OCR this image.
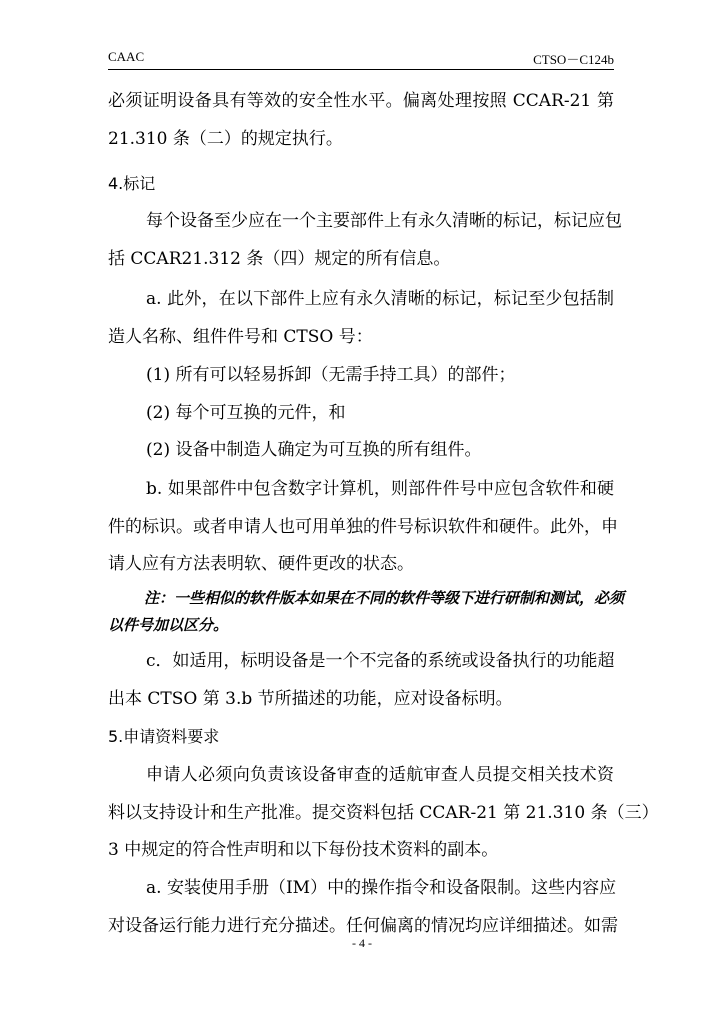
CAAC	CTSO－C124b
必须证明设备具有等效的安全性水平。偏离处理按照 CCAR-21 第
21.310 条（二）的规定执行。
4.标记
每个设备至少应在一个主要部件上有永久清晰的标记，标记应包
括 CCAR21.312 条（四）规定的所有信息。
a. 此外，在以下部件上应有永久清晰的标记，标记至少包括制
造人名称、组件件号和 CTSO 号：
(1) 所有可以轻易拆卸（无需手持工具）的部件；
(2) 每个可互换的元件，和
(2) 设备中制造人确定为可互换的所有组件。
b. 如果部件中包含数字计算机，则部件件号中应包含软件和硬
件的标识。或者申请人也可用单独的件号标识软件和硬件。此外，申
请人应有方法表明软、硬件更改的状态。
注：一些相似的软件版本如果在不同的软件等级下进行研制和测试，必须
以件号加以区分。
c．如适用，标明设备是一个不完备的系统或设备执行的功能超
出本 CTSO 第 3.b 节所描述的功能，应对设备标明。
5.申请资料要求
申请人必须向负责该设备审查的适航审查人员提交相关技术资
料以支持设计和生产批准。提交资料包括 CCAR-21 第 21.310 条（三）
3 中规定的符合性声明和以下每份技术资料的副本。
a. 安装使用手册（IM）中的操作指令和设备限制。这些内容应
对设备运行能力进行充分描述。任何偏离的情况均应详细描述。如需
- 4 -
